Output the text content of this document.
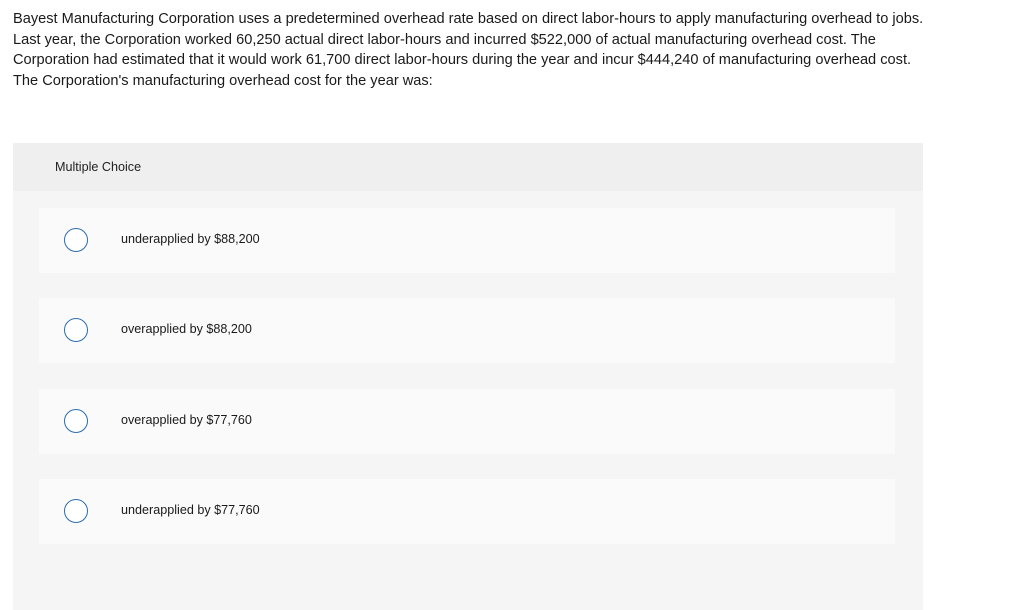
Bayest Manufacturing Corporation uses a predetermined overhead rate based on direct labor-hours to apply manufacturing overhead to jobs. Last year, the Corporation worked 60,250 actual direct labor-hours and incurred $522,000 of actual manufacturing overhead cost. The Corporation had estimated that it would work 61,700 direct labor-hours during the year and incur $444,240 of manufacturing overhead cost. The Corporation's manufacturing overhead cost for the year was:

Multiple Choice
underapplied by $88,200
overapplied by $88,200
overapplied by $77,760
underapplied by $77,760
